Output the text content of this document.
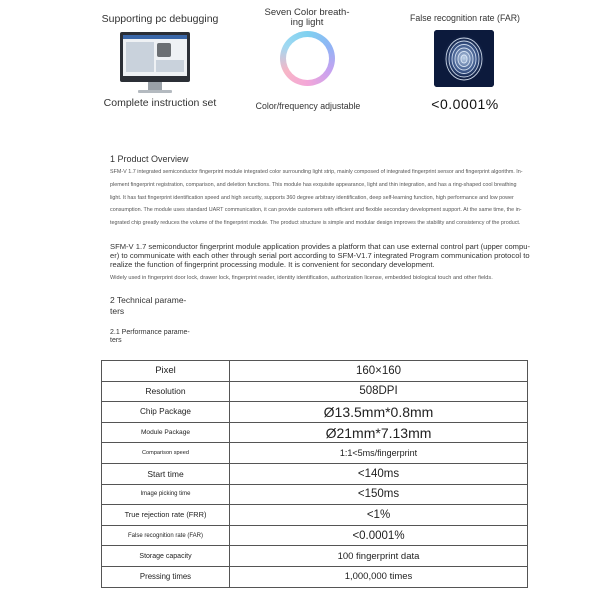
Supporting pc debugging
Complete instruction set
Seven Color breath-
ing light
Color/frequency adjustable
False recognition rate (FAR)
<0.0001%
1 Product Overview
SFM-V 1.7 integrated semiconductor fingerprint module integrated color surrounding light strip, mainly composed of integrated fingerprint sensor and fingerprint algorithm. In-
plement fingerprint registration, comparison, and deletion functions. This module has exquisite appearance, light and thin integration, and has a ring-shaped cool breathing
light. It has fast fingerprint identification speed and high security, supports 360 degree arbitrary identification, deep self-learning function, high performance and low power
consumption. The module uses standard UART communication, it can provide customers with efficient and flexible secondary development support. At the same time, the in-
tegrated chip greatly reduces the volume of the fingerprint module. The product structure is simple and modular design improves the stability and consistency of the product.
SFM-V 1.7 semiconductor fingerprint module application provides a platform that can use external control part (upper compu-
er) to communicate with each other through serial port according to SFM-V1.7 integrated Program communication protocol to
realize the function of fingerprint processing module. It is convenient for secondary development.
Widely used in fingerprint door lock, drawer lock, fingerprint reader, identity identification, authorization license, embedded biological touch and other fields.
2 Technical parame-
ters
2.1 Performance parame-
ters
Pixel	160×160
Resolution	508DPI
Chip Package	Ø13.5mm*0.8mm
Module Package	Ø21mm*7.13mm
Comparison speed	1:1<5ms/fingerprint
Start time	<140ms
Image picking time	<150ms
True rejection rate (FRR)	<1%
False recognition rate (FAR)	<0.0001%
Storage capacity	100 fingerprint data
Pressing times	1,000,000 times
